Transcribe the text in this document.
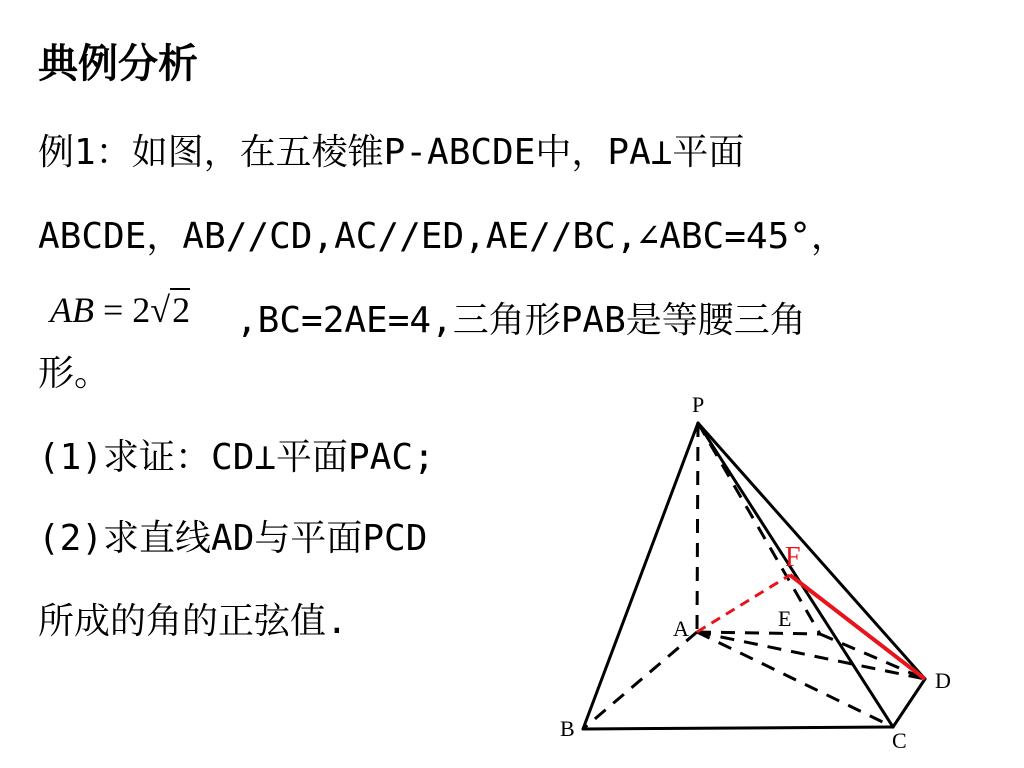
典例分析
例1：如图，在五棱锥P-ABCDE中，PA⊥平面
ABCDE，AB//CD,AC//ED,AE//BC,∠ABC=45°，
AB = 2√2 ,BC=2AE=4,三角形PAB是等腰三角
形。
(1)求证：CD⊥平面PAC;
(2)求直线AD与平面PCD
所成的角的正弦值.
P
A
B	C
D
E
F
